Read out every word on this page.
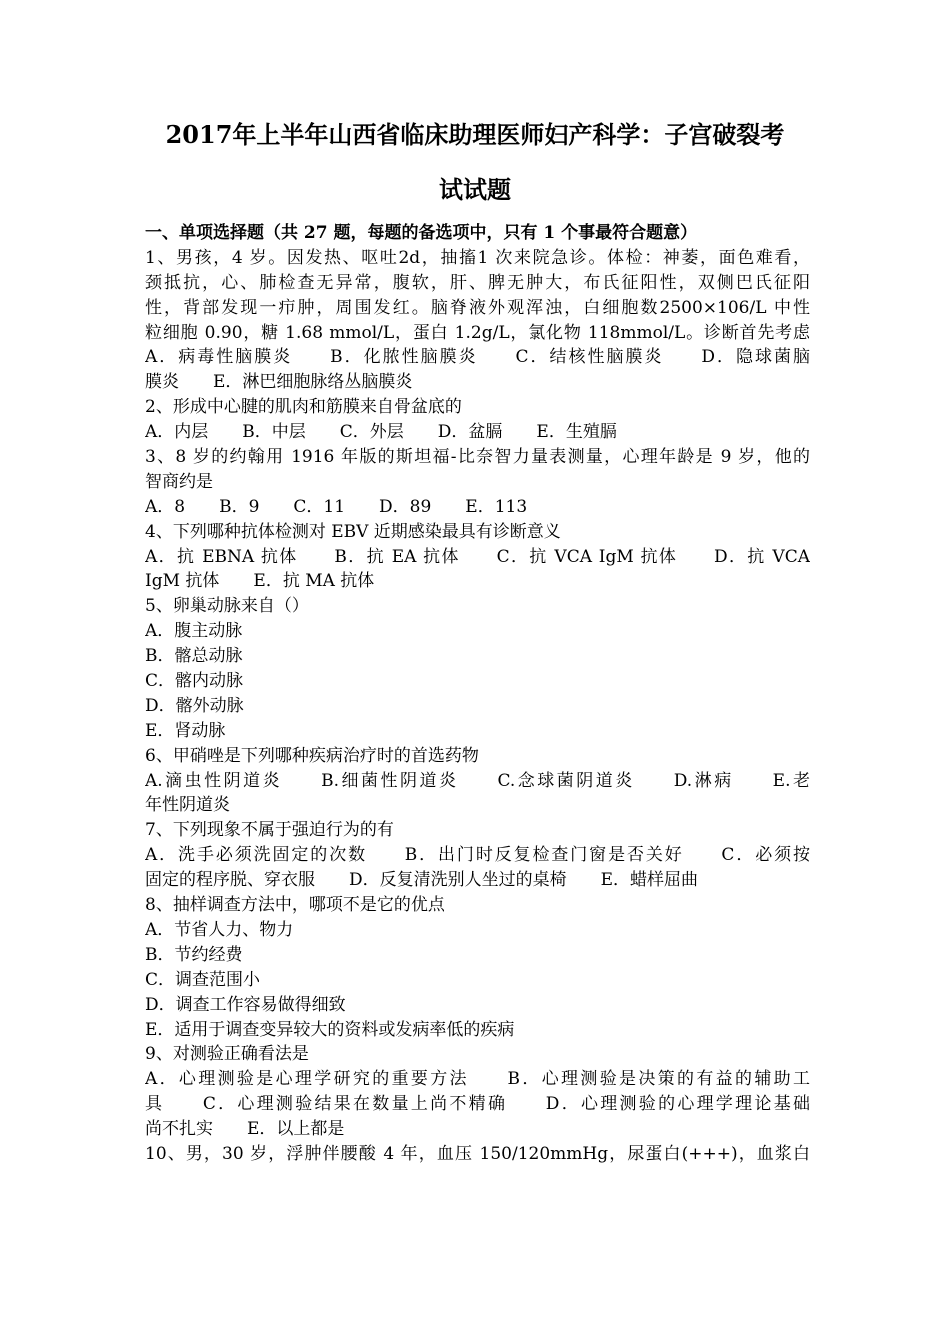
2017年上半年山西省临床助理医师妇产科学：子宫破裂考
试试题
一、单项选择题（共 27 题，每题的备选项中，只有 1 个事最符合题意）
1、男孩，4 岁。因发热、呕吐2d，抽搐1 次来院急诊。体检：神萎，面色难看，
颈抵抗，心、肺检查无异常，腹软，肝、脾无肿大，布氏征阳性，双侧巴氏征阳
性，背部发现一疖肿，周围发红。脑脊液外观浑浊，白细胞数2500×106/L 中性
粒细胞 0.90，糖 1.68 mmol/L，蛋白 1.2g/L，氯化物 118mmol/L。诊断首先考虑
A．病毒性脑膜炎　　B．化脓性脑膜炎　　C．结核性脑膜炎　　D．隐球菌脑
膜炎　　E．淋巴细胞脉络丛脑膜炎
2、形成中心腱的肌肉和筋膜来自骨盆底的
A．内层　　B．中层　　C．外层　　D．盆膈　　E．生殖膈
3、8 岁的约翰用 1916 年版的斯坦福-比奈智力量表测量，心理年龄是 9 岁，他的
智商约是
A．8　　B．9　　C．11　　D．89　　E．113
4、下列哪种抗体检测对 EBV 近期感染最具有诊断意义
A．抗 EBNA 抗体　　B．抗 EA 抗体　　C．抗 VCA IgM 抗体　　D．抗 VCA
IgM 抗体　　E．抗 MA 抗体
5、卵巢动脉来自（）
A．腹主动脉
B．髂总动脉
C．髂内动脉
D．髂外动脉
E．肾动脉
6、甲硝唑是下列哪种疾病治疗时的首选药物
A.滴虫性阴道炎　　B.细菌性阴道炎　　C.念球菌阴道炎　　D.淋病　　E.老
年性阴道炎
7、下列现象不属于强迫行为的有
A．洗手必须洗固定的次数　　B．出门时反复检查门窗是否关好　　C．必须按
固定的程序脱、穿衣服　　D．反复清洗别人坐过的桌椅　　E．蜡样屈曲
8、抽样调查方法中，哪项不是它的优点
A．节省人力、物力
B．节约经费
C．调查范围小
D．调查工作容易做得细致
E．适用于调查变异较大的资料或发病率低的疾病
9、对测验正确看法是
A．心理测验是心理学研究的重要方法　　B．心理测验是决策的有益的辅助工
具　　C．心理测验结果在数量上尚不精确　　D．心理测验的心理学理论基础
尚不扎实　　E．以上都是
10、男，30 岁，浮肿伴腰酸 4 年，血压 150/120mmHg，尿蛋白(+++)，血浆白
